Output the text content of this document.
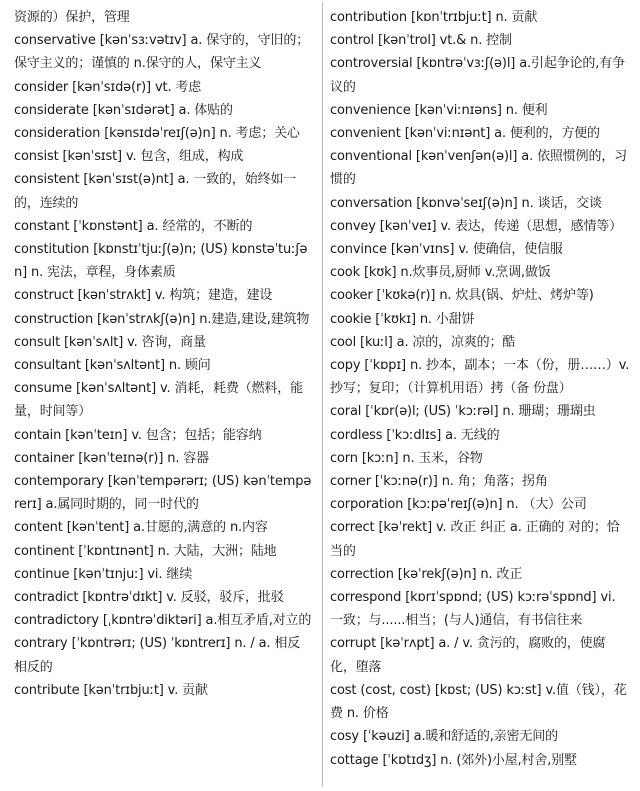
资源的）保护，管理
conservative [kənˈsɜːvətɪv] a. 保守的，守旧的；保守主义的；谨慎的 n.保守的人，保守主义
consider [kənˈsɪdə(r)] vt. 考虑
considerate [kənˈsɪdərət] a. 体贴的
consideration [kənsɪdəˈreɪʃ(ə)n] n. 考虑；关心
consist [kənˈsɪst] v. 包含，组成，构成
consistent [kənˈsɪst(ə)nt] a. 一致的，始终如一的，连续的
constant [ˈkɒnstənt] a. 经常的，不断的
constitution [kɒnstɪˈtjuːʃ(ə)n; (US) kɒnstəˈtuːʃən] n. 宪法，章程，身体素质
construct [kənˈstrʌkt] v. 构筑；建造，建设
construction [kənˈstrʌkʃ(ə)n] n.建造,建设,建筑物
consult [kənˈsʌlt] v. 咨询，商量
consultant [kənˈsʌltənt] n. 顾问
consume [kənˈsʌltənt] v. 消耗，耗费（燃料，能量，时间等）
contain [kənˈteɪn] v. 包含；包括；能容纳
container [kənˈteɪnə(r)] n. 容器
contemporary [kənˈtempərərɪ; (US) kənˈtempərerɪ] a.属同时期的，同一时代的
content [kənˈtent] a.甘愿的,满意的 n.内容
continent [ˈkɒntɪnənt] n. 大陆，大洲；陆地
continue [kənˈtɪnjuː] vi. 继续
contradict [kɒntrəˈdɪkt] v. 反驳，驳斥，批驳
contradictory [ˌkɒntrəˈdiktəri] a.相互矛盾,对立的
contrary [ˈkɒntrərɪ; (US) ˈkɒntrerɪ] n. / a. 相反 相反的
contribute [kənˈtrɪbjuːt] v. 贡献
contribution [kɒnˈtrɪbjuːt] n. 贡献
control [kənˈtrol] vt.& n. 控制
controversial [kɒntrəˈvɜːʃ(ə)l] a.引起争论的,有争议的
convenience [kənˈviːnɪəns] n. 便利
convenient [kənˈviːnɪənt] a. 便利的，方便的
conventional [kənˈvenʃən(ə)l] a. 依照惯例的，习惯的
conversation [kɒnvəˈseɪʃ(ə)n] n. 谈话，交谈
convey [kənˈveɪ] v. 表达，传递（思想，感情等）
convince [kənˈvɪns] v. 使确信，使信服
cook [kʊk] n.炊事员,厨师 v.烹调,做饭
cooker [ˈkʊkə(r)] n. 炊具(锅、炉灶、烤炉等)
cookie [ˈkʊkɪ] n. 小甜饼
cool [kuːl] a. 凉的，凉爽的；酷
copy [ˈkɒpɪ] n. 抄本，副本；一本（份，册……）v. 抄写；复印；（计算机用语）拷（备 份盘）
coral [ˈkɒr(ə)l; (US) ˈkɔːrəl] n. 珊瑚；珊瑚虫
cordless [ˈkɔːdlɪs] a. 无线的
corn [kɔːn] n. 玉米，谷物
corner [ˈkɔːnə(r)] n. 角；角落；拐角
corporation [kɔːpəˈreɪʃ(ə)n] n. （大）公司
correct [kəˈrekt] v. 改正 纠正 a. 正确的 对的；恰当的
correction [kəˈrekʃ(ə)n] n. 改正
correspond [kɒrɪˈspɒnd; (US) kɔːrəˈspɒnd] vi. 一致；与......相当；(与人)通信，有书信往来
corrupt [kəˈrʌpt] a. / v. 贪污的，腐败的，使腐化，堕落
cost (cost, cost) [kɒst; (US) kɔːst] v.值（钱），花费 n. 价格
cosy [ˈkəuzi] a.暖和舒适的,亲密无间的
cottage [ˈkɒtɪdʒ] n. (郊外)小屋,村舍,别墅
